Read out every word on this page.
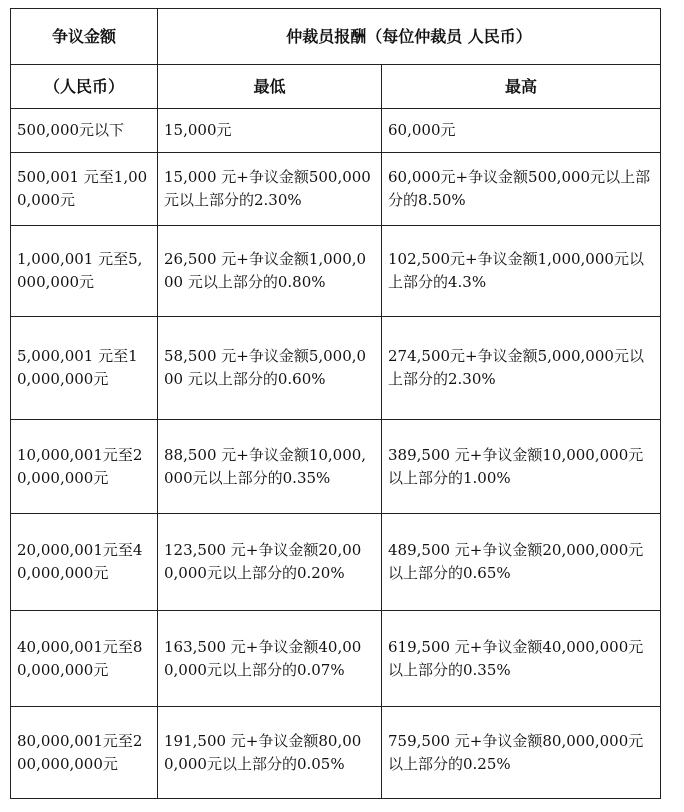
争议金额	仲裁员报酬（每位仲裁员 人民币）	
（人民币）	最低	最高
500,000元以下	15,000元	60,000元
500,001 元至1,000,000元	15,000 元+争议金额500,000 元以上部分的2.30%	60,000元+争议金额500,000元以上部分的8.50%
1,000,001 元至5,000,000元	26,500 元+争议金额1,000,000 元以上部分的0.80%	102,500元+争议金额1,000,000元以上部分的4.3%
5,000,001 元至10,000,000元	58,500 元+争议金额5,000,000 元以上部分的0.60%	274,500元+争议金额5,000,000元以上部分的2.30%
10,000,001元至20,000,000元	88,500 元+争议金额10,000,000元以上部分的0.35%	389,500 元+争议金额10,000,000元以上部分的1.00%
20,000,001元至40,000,000元	123,500 元+争议金额20,000,000元以上部分的0.20%	489,500 元+争议金额20,000,000元以上部分的0.65%
40,000,001元至80,000,000元	163,500 元+争议金额40,000,000元以上部分的0.07%	619,500 元+争议金额40,000,000元以上部分的0.35%
80,000,001元至200,000,000元	191,500 元+争议金额80,000,000元以上部分的0.05%	759,500 元+争议金额80,000,000元以上部分的0.25%
